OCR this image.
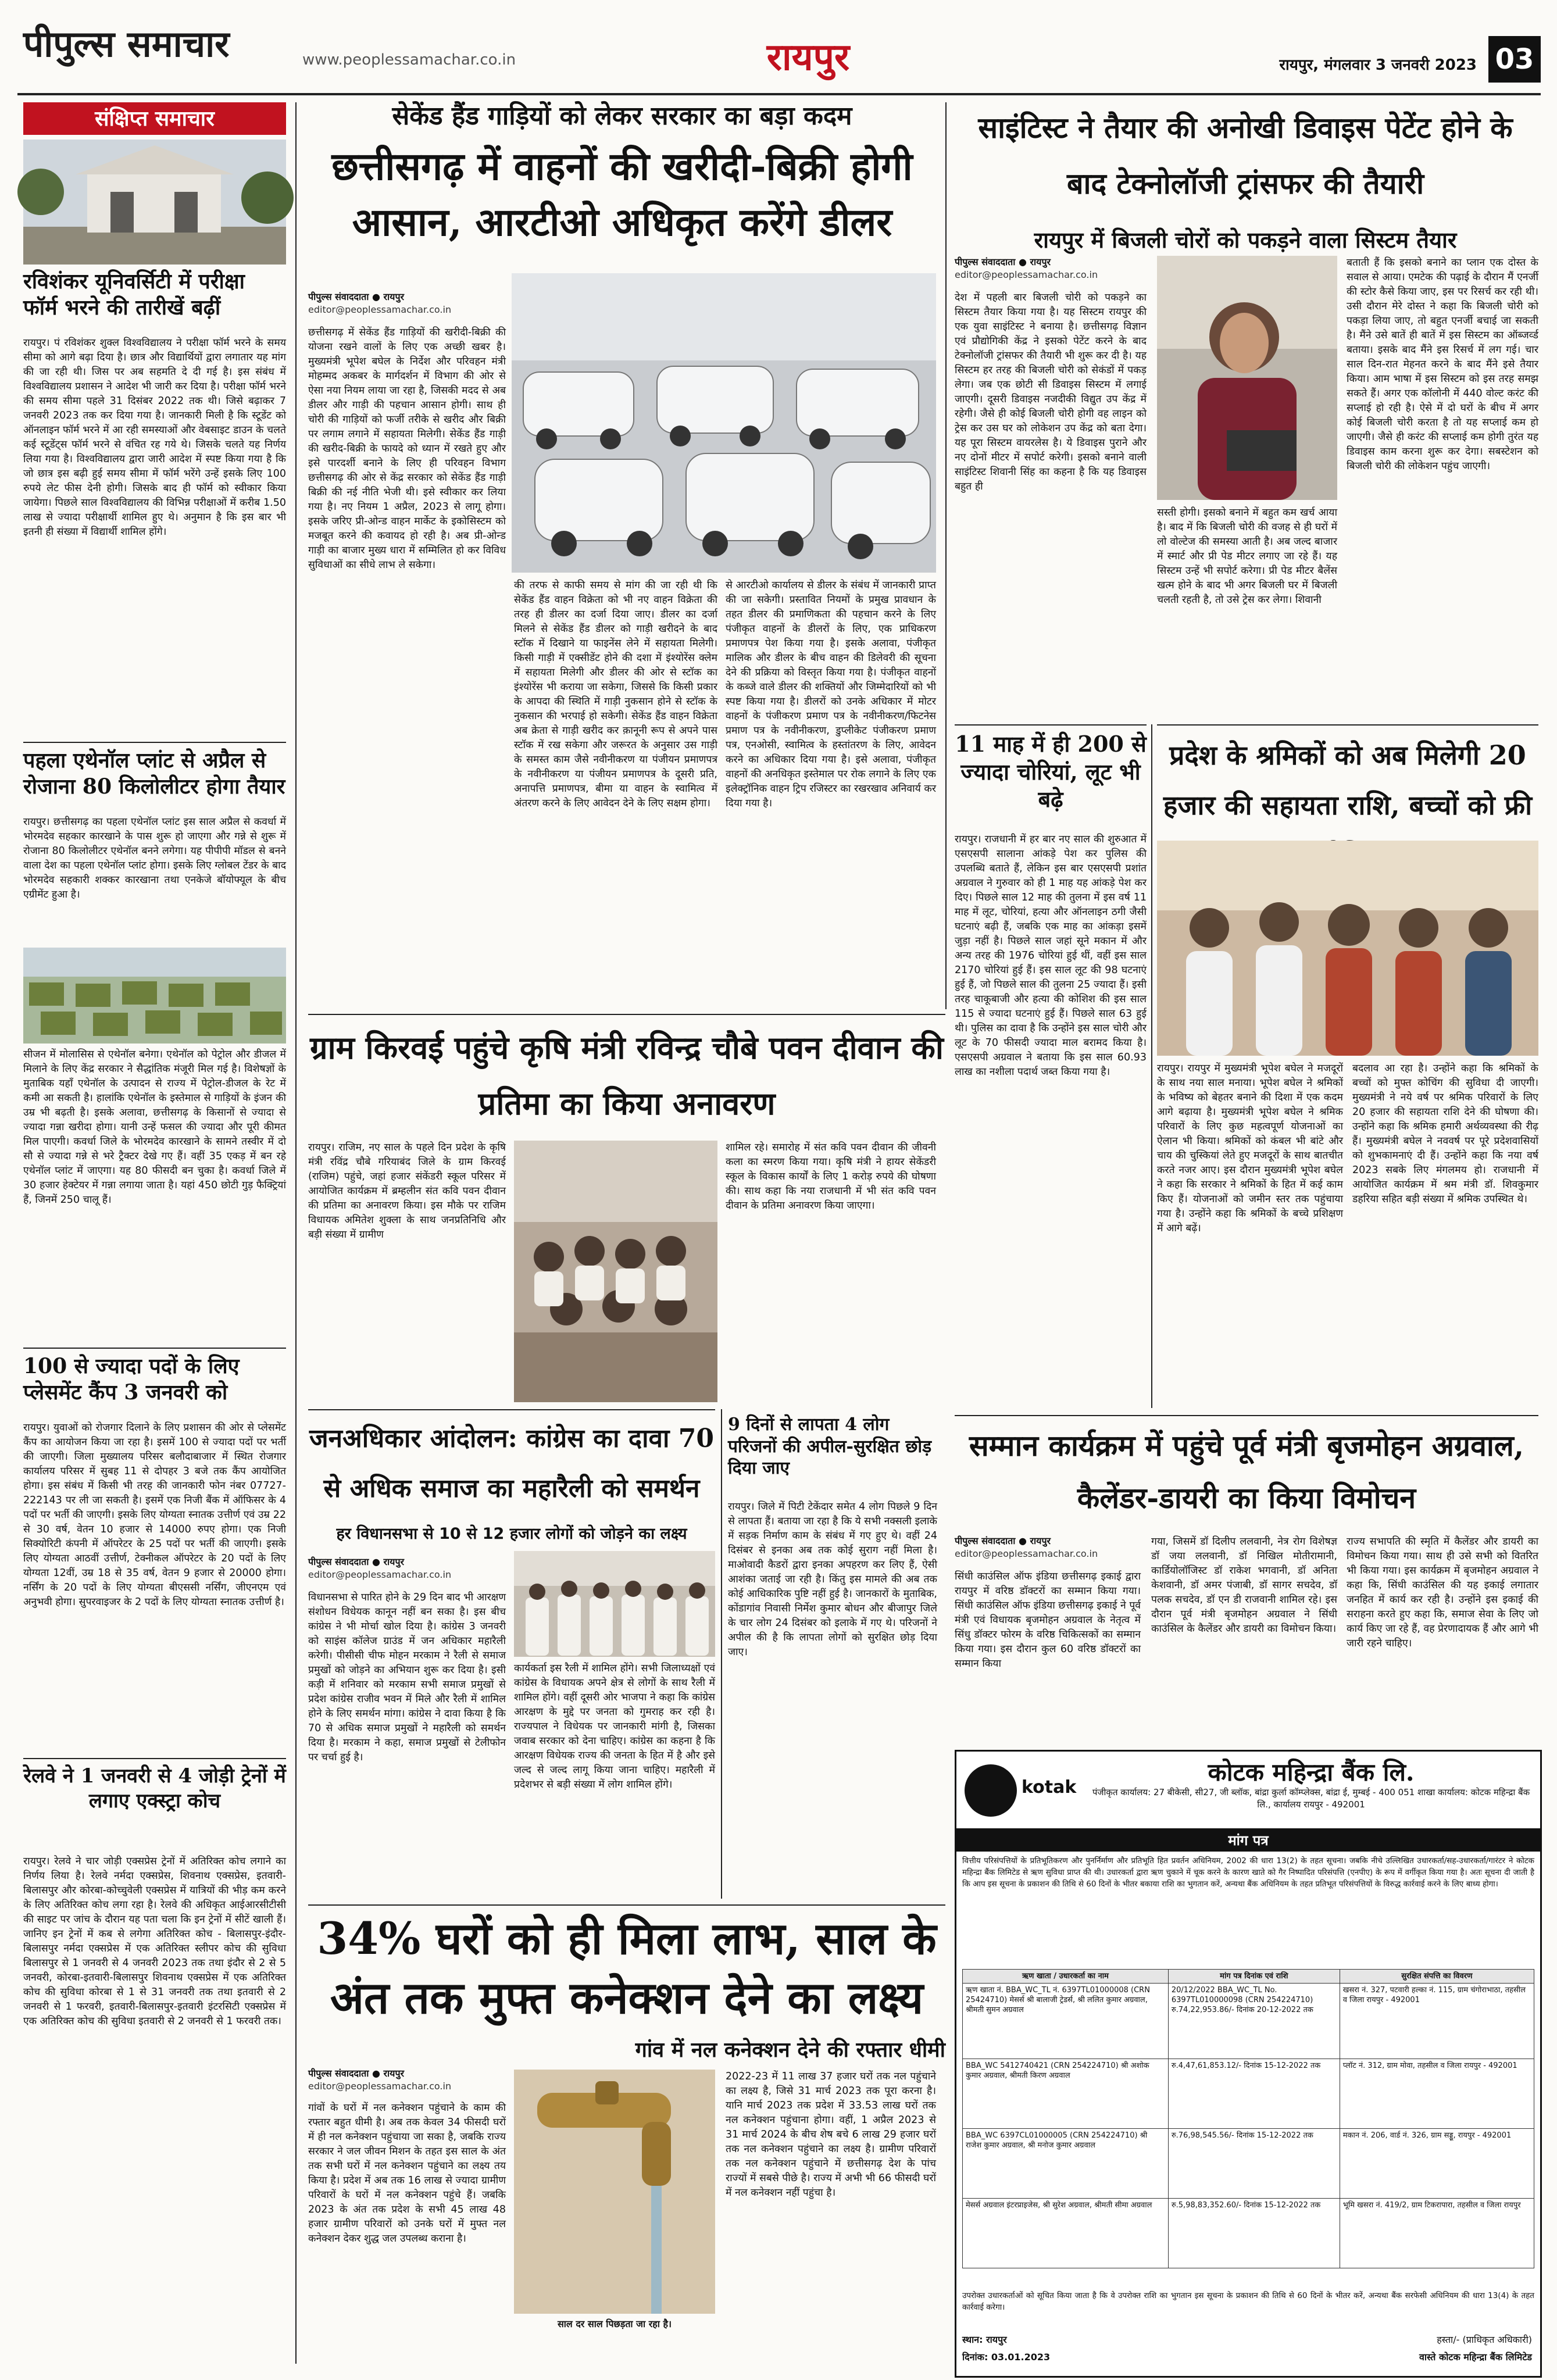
पीपुल्स समाचार	www.peoplessamachar.co.in	रायपुर	रायपुर, मंगलवार 3 जनवरी 2023 03
संक्षिप्त समाचार
रविशंकर यूनिवर्सिटी में परीक्षा फॉर्म भरने की तारीखें बढ़ीं
रायपुर। पं रविशंकर शुक्ल विश्वविद्यालय ने परीक्षा फॉर्म भरने के समय सीमा को आगे बढ़ा दिया है। छात्र और विद्यार्थियों द्वारा लगातार यह मांग की जा रही थी। जिस पर अब सहमति दे दी गई है। इस संबंध में विश्वविद्यालय प्रशासन ने आदेश भी जारी कर दिया है। परीक्षा फॉर्म भरने की समय सीमा पहले 31 दिसंबर 2022 तक थी। जिसे बढ़ाकर 7 जनवरी 2023 तक कर दिया गया है। जानकारी मिली है कि स्टूडेंट को ऑनलाइन फॉर्म भरने में आ रही समस्याओं और वेबसाइट डाउन के चलते कई स्टूडेंट्स फॉर्म भरने से वंचित रह गये थे। जिसके चलते यह निर्णय लिया गया है। विश्वविद्यालय द्वारा जारी आदेश में स्पष्ट किया गया है कि जो छात्र इस बढ़ी हुई समय सीमा में फॉर्म भरेंगे उन्हें इसके लिए 100 रुपये लेट फीस देनी होगी। जिसके बाद ही फॉर्म को स्वीकार किया जायेगा। पिछले साल विश्वविद्यालय की विभिन्न परीक्षाओं में करीब 1.50 लाख से ज्यादा परीक्षार्थी शामिल हुए थे। अनुमान है कि इस बार भी इतनी ही संख्या में विद्यार्थी शामिल होंगे।
पहला एथेनॉल प्लांट से अप्रैल से रोजाना 80 किलोलीटर होगा तैयार
रायपुर। छत्तीसगढ़ का पहला एथेनॉल प्लांट इस साल अप्रैल से कवर्धा में भोरमदेव सहकार कारखाने के पास शुरू हो जाएगा और गन्ने से शुरू में रोजाना 80 किलोलीटर एथेनॉल बनने लगेगा। यह पीपीपी मॉडल से बनने वाला देश का पहला एथेनॉल प्लांट होगा। इसके लिए ग्लोबल टेंडर के बाद भोरमदेव सहकारी शक्कर कारखाना तथा एनकेजे बॉयोफ्यूल के बीच एग्रीमेंट हुआ है।
सीजन में मोलासिस से एथेनॉल बनेगा। एथेनॉल को पेट्रोल और डीजल में मिलाने के लिए केंद्र सरकार ने सैद्धांतिक मंजूरी मिल गई है। विशेषज्ञों के मुताबिक यहाँ एथेनॉल के उत्पादन से राज्य में पेट्रोल-डीजल के रेट में कमी आ सकती है। हालांकि एथेनॉल के इस्तेमाल से गाड़ियों के इंजन की उम्र भी बढ़ती है। इसके अलावा, छत्तीसगढ़ के किसानों से ज्यादा से ज्यादा गन्ना खरीदा होगा। यानी उन्हें फसल की ज्यादा और पूरी कीमत मिल पाएगी। कवर्धा जिले के भोरमदेव कारखाने के सामने तस्वीर में दो सौ से ज्यादा गन्ने से भरे ट्रैक्टर देखे गए हैं। वहीं 35 एकड़ में बन रहे एथेनॉल प्लांट में जाएगा। यह 80 फीसदी बन चुका है। कवर्धा जिले में 30 हजार हेक्टेयर में गन्ना लगाया जाता है। यहां 450 छोटी गुड़ फैक्ट्रियां हैं, जिनमें 250 चालू हैं।
100 से ज्यादा पदों के लिए प्लेसमेंट कैंप 3 जनवरी को
रायपुर। युवाओं को रोजगार दिलाने के लिए प्रशासन की ओर से प्लेसमेंट कैंप का आयोजन किया जा रहा है। इसमें 100 से ज्यादा पदों पर भर्ती की जाएगी। जिला मुख्यालय परिसर बलौदाबाजार में स्थित रोजगार कार्यालय परिसर में सुबह 11 से दोपहर 3 बजे तक कैंप आयोजित होगा। इस संबंध में किसी भी तरह की जानकारी फोन नंबर 07727-222143 पर ली जा सकती है। इसमें एक निजी बैंक में ऑफिसर के 4 पदों पर भर्ती की जाएगी। इसके लिए योग्यता स्नातक उत्तीर्ण एवं उम्र 22 से 30 वर्ष, वेतन 10 हजार से 14000 रुपए होगा। एक निजी सिक्योरिटी कंपनी में ऑपरेटर के 25 पदों पर भर्ती की जाएगी। इसके लिए योग्यता आठवीं उत्तीर्ण, टेक्नीकल ऑपरेटर के 20 पदों के लिए योग्यता 12वीं, उम्र 18 से 35 वर्ष, वेतन 9 हजार से 20000 होगा। नर्सिंग के 20 पदों के लिए योग्यता बीएससी नर्सिंग, जीएनएम एवं अनुभवी होगा। सुपरवाइजर के 2 पदों के लिए योग्यता स्नातक उत्तीर्ण है।
रेलवे ने 1 जनवरी से 4 जोड़ी ट्रेनों में लगाए एक्स्ट्रा कोच
रायपुर। रेलवे ने चार जोड़ी एक्सप्रेस ट्रेनों में अतिरिक्त कोच लगाने का निर्णय लिया है। रेलवे नर्मदा एक्सप्रेस, शिवनाथ एक्सप्रेस, इतवारी-बिलासपुर और कोरबा-कोच्चुवेली एक्सप्रेस में यात्रियों की भीड़ कम करने के लिए अतिरिक्त कोच लगा रहा है। रेलवे की अधिकृत आईआरसीटीसी की साइट पर जांच के दौरान यह पता चला कि इन ट्रेनों में सीटें खाली हैं। जानिए इन ट्रेनों में कब से लगेगा अतिरिक्त कोच - बिलासपुर-इंदौर-बिलासपुर नर्मदा एक्सप्रेस में एक अतिरिक्त स्लीपर कोच की सुविधा बिलासपुर से 1 जनवरी से 4 जनवरी 2023 तक तथा इंदौर से 2 से 5 जनवरी, कोरबा-इतवारी-बिलासपुर शिवनाथ एक्सप्रेस में एक अतिरिक्त कोच की सुविधा कोरबा से 1 से 31 जनवरी तक तथा इतवारी से 2 जनवरी से 1 फरवरी, इतवारी-बिलासपुर-इतवारी इंटरसिटी एक्सप्रेस में एक अतिरिक्त कोच की सुविधा इतवारी से 2 जनवरी से 1 फरवरी तक।
सेकेंड हैंड गाड़ियों को लेकर सरकार का बड़ा कदम
छत्तीसगढ़ में वाहनों की खरीदी-बिक्री होगी आसान, आरटीओ अधिकृत करेंगे डीलर
पीपुल्स संवाददाता ● रायपुर
editor@peoplessamachar.co.in
छत्तीसगढ़ में सेकेंड हैंड गाड़ियों की खरीदी-बिक्री की योजना रखने वालों के लिए एक अच्छी खबर है। मुख्यमंत्री भूपेश बघेल के निर्देश और परिवहन मंत्री मोहम्मद अकबर के मार्गदर्शन में विभाग की ओर से ऐसा नया नियम लाया जा रहा है, जिसकी मदद से अब डीलर और गाड़ी की पहचान आसान होगी। साथ ही चोरी की गाड़ियों को फर्जी तरीके से खरीद और बिक्री पर लगाम लगाने में सहायता मिलेगी। सेकेंड हैंड गाड़ी की खरीद-बिक्री के फायदे को ध्यान में रखते हुए और इसे पारदर्शी बनाने के लिए ही परिवहन विभाग छत्तीसगढ़ की ओर से केंद्र सरकार को सेकेंड हैंड गाड़ी बिक्री की नई नीति भेजी थी। इसे स्वीकार कर लिया गया है। नए नियम 1 अप्रैल, 2023 से लागू होगा। इसके जरिए प्री-ओन्ड वाहन मार्केट के इकोसिस्टम को मजबूत करने की कवायद हो रही है। अब प्री-ओन्ड गाड़ी का बाजार मुख्य धारा में सम्मिलित हो कर विविध सुविधाओं का सीधे लाभ ले सकेगा।
की तरफ से काफी समय से मांग की जा रही थी कि सेकेंड हैंड वाहन विक्रेता को भी नए वाहन विक्रेता की तरह ही डीलर का दर्जा दिया जाए। डीलर का दर्जा मिलने से सेकेंड हैंड डीलर को गाड़ी खरीदने के बाद स्टॉक में दिखाने या फाइनेंस लेने में सहायता मिलेगी। किसी गाड़ी में एक्सीडेंट होने की दशा में इंश्योरेंस क्लेम में सहायता मिलेगी और डीलर की ओर से स्टॉक का इंश्योरेंस भी कराया जा सकेगा, जिससे कि किसी प्रकार के आपदा की स्थिति में गाड़ी नुकसान होने से स्टॉक के नुकसान की भरपाई हो सकेगी। सेकेंड हैंड वाहन विक्रेता अब क्रेता से गाड़ी खरीद कर क़ानूनी रूप से अपने पास स्टॉक में रख सकेगा और जरूरत के अनुसार उस गाड़ी के समस्त काम जैसे नवीनीकरण या पंजीयन प्रमाणपत्र के नवीनीकरण या पंजीयन प्रमाणपत्र के दूसरी प्रति, अनापत्ति प्रमाणपत्र, बीमा या वाहन के स्वामित्व में अंतरण करने के लिए आवेदन देने के लिए सक्षम होगा।
से आरटीओ कार्यालय से डीलर के संबंध में जानकारी प्राप्त की जा सकेगी। प्रस्तावित नियमों के प्रमुख प्रावधान के तहत डीलर की प्रमाणिकता की पहचान करने के लिए पंजीकृत वाहनों के डीलरों के लिए, एक प्राधिकरण प्रमाणपत्र पेश किया गया है। इसके अलावा, पंजीकृत मालिक और डीलर के बीच वाहन की डिलेवरी की सूचना देने की प्रक्रिया को विस्तृत किया गया है। पंजीकृत वाहनों के कब्जे वाले डीलर की शक्तियों और जिम्मेदारियों को भी स्पष्ट किया गया है। डीलरों को उनके अधिकार में मोटर वाहनों के पंजीकरण प्रमाण पत्र के नवीनीकरण/फिटनेस प्रमाण पत्र के नवीनीकरण, डुप्लीकेट पंजीकरण प्रमाण पत्र, एनओसी, स्वामित्व के हस्तांतरण के लिए, आवेदन करने का अधिकार दिया गया है। इसे अलावा, पंजीकृत वाहनों की अनधिकृत इस्तेमाल पर रोक लगाने के लिए एक इलेक्ट्रॉनिक वाहन ट्रिप रजिस्टर का रखरखाव अनिवार्य कर दिया गया है।
साइंटिस्ट ने तैयार की अनोखी डिवाइस पेटेंट होने के बाद टेक्नोलॉजी ट्रांसफर की तैयारी
रायपुर में बिजली चोरों को पकड़ने वाला सिस्टम तैयार
पीपुल्स संवाददाता ● रायपुर
editor@peoplessamachar.co.in
देश में पहली बार बिजली चोरी को पकड़ने का सिस्टम तैयार किया गया है। यह सिस्टम रायपुर की एक युवा साइंटिस्ट ने बनाया है। छत्तीसगढ़ विज्ञान एवं प्रौद्योगिकी केंद्र ने इसको पेटेंट करने के बाद टेक्नोलॉजी ट्रांसफर की तैयारी भी शुरू कर दी है। यह सिस्टम हर तरह की बिजली चोरी को सेकंडों में पकड़ लेगा। जब एक छोटी सी डिवाइस सिस्टम में लगाई जाएगी। दूसरी डिवाइस नजदीकी विद्युत उप केंद्र में रहेगी। जैसे ही कोई बिजली चोरी होगी वह लाइन को ट्रेस कर उस घर को लोकेशन उप केंद्र को बता देगा। यह पूरा सिस्टम वायरलेस है। ये डिवाइस पुराने और नए दोनों मीटर में सपोर्ट करेगी। इसको बनाने वाली साइंटिस्ट शिवानी सिंह का कहना है कि यह डिवाइस बहुत ही
सस्ती होगी। इसको बनाने में बहुत कम खर्च आया है। बाद में कि बिजली चोरी की वजह से ही घरों में लो वोल्टेज की समस्या आती है। अब जल्द बाजार में स्मार्ट और प्री पेड मीटर लगाए जा रहे हैं। यह सिस्टम उन्हें भी सपोर्ट करेगा। प्री पेड मीटर बैलेंस खत्म होने के बाद भी अगर बिजली घर में बिजली चलती रहती है, तो उसे ट्रेस कर लेगा। शिवानी
बताती हैं कि इसको बनाने का प्लान एक दोस्त के सवाल से आया। एमटेक की पढ़ाई के दौरान मैं एनर्जी की स्टोर कैसे किया जाए, इस पर रिसर्च कर रही थी। उसी दौरान मेरे दोस्त ने कहा कि बिजली चोरी को पकड़ा लिया जाए, तो बहुत एनर्जी बचाई जा सकती है। मैंने उसे बातें ही बातें में इस सिस्टम का ऑब्जर्व्ड बताया। इसके बाद मैंने इस रिसर्च में लग गई। चार साल दिन-रात मेहनत करने के बाद मैंने इसे तैयार किया। आम भाषा में इस सिस्टम को इस तरह समझ सकते हैं। अगर एक कॉलोनी में 440 वोल्ट करंट की सप्लाई हो रही है। ऐसे में दो घरों के बीच में अगर कोई बिजली चोरी करता है तो यह सप्लाई कम हो जाएगी। जैसे ही करंट की सप्लाई कम होगी तुरंत यह डिवाइस काम करना शुरू कर देगा। सबस्टेशन को बिजली चोरी की लोकेशन पहुंच जाएगी।
11 माह में ही 200 से ज्यादा चोरियां, लूट भी बढ़े
रायपुर। राजधानी में हर बार नए साल की शुरुआत में एसएसपी सालाना आंकड़े पेश कर पुलिस की उपलब्धि बताते हैं, लेकिन इस बार एसएसपी प्रशांत अग्रवाल ने गुरुवार को ही 1 माह यह आंकड़े पेश कर दिए। पिछले साल 12 माह की तुलना में इस वर्ष 11 माह में लूट, चोरियां, हत्या और ऑनलाइन ठगी जैसी घटनाएं बढ़ी हैं, जबकि एक माह का आंकड़ा इसमें जुड़ा नहीं है। पिछले साल जहां सूने मकान में और अन्य तरह की 1976 चोरियां हुई थीं, वहीं इस साल 2170 चोरियां हुई हैं। इस साल लूट की 98 घटनाएं हुई हैं, जो पिछले साल की तुलना 25 ज्यादा हैं। इसी तरह चाकूबाजी और हत्या की कोशिश की इस साल 115 से ज्यादा घटनाएं हुई हैं। पिछले साल 63 हुई थी। पुलिस का दावा है कि उन्होंने इस साल चोरी और लूट के 70 फीसदी ज्यादा माल बरामद किया है। एसएसपी अग्रवाल ने बताया कि इस साल 60.93 लाख का नशीला पदार्थ जब्त किया गया है।
प्रदेश के श्रमिकों को अब मिलेगी 20 हजार की सहायता राशि, बच्चों को फ्री
रायपुर। रायपुर में मुख्यमंत्री भूपेश बघेल ने मजदूरों के साथ नया साल मनाया। भूपेश बघेल ने श्रमिकों के भविष्य को बेहतर बनाने की दिशा में एक कदम आगे बढ़ाया है। मुख्यमंत्री भूपेश बघेल ने श्रमिक परिवारों के लिए कुछ महत्वपूर्ण योजनाओं का ऐलान भी किया। श्रमिकों को कंबल भी बांटे और चाय की चुस्कियां लेते हुए मजदूरों के साथ बातचीत करते नजर आए। इस दौरान मुख्यमंत्री भूपेश बघेल ने कहा कि सरकार ने श्रमिकों के हित में कई काम किए हैं। योजनाओं को जमीन स्तर तक पहुंचाया गया है। उन्होंने कहा कि श्रमिकों के बच्चे प्रशिक्षण में आगे बढ़ें।
बदलाव आ रहा है। उन्होंने कहा कि श्रमिकों के बच्चों को मुफ्त कोचिंग की सुविधा दी जाएगी। मुख्यमंत्री ने नये वर्ष पर श्रमिक परिवारों के लिए 20 हजार की सहायता राशि देने की घोषणा की। उन्होंने कहा कि श्रमिक हमारी अर्थव्यवस्था की रीढ़ हैं। मुख्यमंत्री बघेल ने नववर्ष पर पूरे प्रदेशवासियों को शुभकामनाएं दी हैं। उन्होंने कहा कि नया वर्ष 2023 सबके लिए मंगलमय हो। राजधानी में आयोजित कार्यक्रम में श्रम मंत्री डॉ. शिवकुमार डहरिया सहित बड़ी संख्या में श्रमिक उपस्थित थे।
ग्राम किरवई पहुंचे कृषि मंत्री रविन्द्र चौबे पवन दीवान की प्रतिमा का किया अनावरण
रायपुर। राजिम, नए साल के पहले दिन प्रदेश के कृषि मंत्री रविंद्र चौबे गरियाबंद जिले के ग्राम किरवई (राजिम) पहुंचे, जहां हजार संकेंडरी स्कूल परिसर में आयोजित कार्यक्रम में ब्रम्हलीन संत कवि पवन दीवान की प्रतिमा का अनावरण किया। इस मौके पर राजिम विधायक अमितेश शुक्ला के साथ जनप्रतिनिधि और बड़ी संख्या में ग्रामीण
शामिल रहे। समारोह में संत कवि पवन दीवान की जीवनी कला का स्मरण किया गया। कृषि मंत्री ने हायर सेकेंडरी स्कूल के विकास कार्यों के लिए 1 करोड़ रुपये की घोषणा की। साथ कहा कि नया राजधानी में भी संत कवि पवन दीवान के प्रतिमा अनावरण किया जाएगा।
जनअधिकार आंदोलन: कांग्रेस का दावा 70 से अधिक समाज का महारैली को समर्थन
हर विधानसभा से 10 से 12 हजार लोगों को जोड़ने का लक्ष्य
पीपुल्स संवाददाता ● रायपुर
editor@peoplessamachar.co.in
विधानसभा से पारित होने के 29 दिन बाद भी आरक्षण संशोधन विधेयक कानून नहीं बन सका है। इस बीच कांग्रेस ने भी मोर्चा खोल दिया है। कांग्रेस 3 जनवरी को साइंस कॉलेज ग्राउंड में जन अधिकार महारैली करेगी। पीसीसी चीफ मोहन मरकाम ने रैली से समाज प्रमुखों को जोड़ने का अभियान शुरू कर दिया है। इसी कड़ी में शनिवार को मरकाम सभी समाज प्रमुखों से प्रदेश कांग्रेस राजीव भवन में मिले और रैली में शामिल होने के लिए समर्थन मांगा। कांग्रेस ने दावा किया है कि 70 से अधिक समाज प्रमुखों ने महारैली को समर्थन दिया है। मरकाम ने कहा, समाज प्रमुखों से टेलीफोन पर चर्चा हुई है।
कार्यकर्ता इस रैली में शामिल होंगे। सभी जिलाध्यक्षों एवं कांग्रेस के विधायक अपने क्षेत्र से लोगों के साथ रैली में शामिल होंगे। वहीं दूसरी ओर भाजपा ने कहा कि कांग्रेस आरक्षण के मुद्दे पर जनता को गुमराह कर रही है। राज्यपाल ने विधेयक पर जानकारी मांगी है, जिसका जवाब सरकार को देना चाहिए। कांग्रेस का कहना है कि आरक्षण विधेयक राज्य की जनता के हित में है और इसे जल्द से जल्द लागू किया जाना चाहिए। महारैली में प्रदेशभर से बड़ी संख्या में लोग शामिल होंगे।
9 दिनों से लापता 4 लोग परिजनों की अपील-सुरक्षित छोड़ दिया जाए
रायपुर। जिले में पिटी टेकेंदार समेत 4 लोग पिछले 9 दिन से लापता हैं। बताया जा रहा है कि ये सभी नक्सली इलाके में सड़क निर्माण काम के संबंध में गए हुए थे। वहीं 24 दिसंबर से इनका अब तक कोई सुराग नहीं मिला है। माओवादी कैडरों द्वारा इनका अपहरण कर लिए हैं, ऐसी आशंका जताई जा रही है। किंतु इस मामले की अब तक कोई आधिकारिक पुष्टि नहीं हुई है। जानकारों के मुताबिक, कोंडागांव निवासी निर्मेश कुमार बोधन और बीजापुर जिले के चार लोग 24 दिसंबर को इलाके में गए थे। परिजनों ने अपील की है कि लापता लोगों को सुरक्षित छोड़ दिया जाए।
सम्मान कार्यक्रम में पहुंचे पूर्व मंत्री बृजमोहन अग्रवाल, कैलेंडर-डायरी का किया विमोचन
पीपुल्स संवाददाता ● रायपुर
editor@peoplessamachar.co.in
सिंधी काउंसिल ऑफ इंडिया छत्तीसगढ़ इकाई द्वारा रायपुर में वरिष्ठ डॉक्टरों का सम्मान किया गया। सिंधी काउंसिल ऑफ इंडिया छत्तीसगढ़ इकाई ने पूर्व मंत्री एवं विधायक बृजमोहन अग्रवाल के नेतृत्व में सिंधु डॉक्टर फोरम के वरिष्ठ चिकित्सकों का सम्मान किया गया। इस दौरान कुल 60 वरिष्ठ डॉक्टरों का सम्मान किया
गया, जिसमें डॉ दिलीप ललवानी, नेत्र रोग विशेषज्ञ डॉ जया ललवानी, डॉ निखिल मोतीरामानी, कार्डियोलॉजिस्ट डॉ राकेश भगवानी, डॉ अनिता केशवानी, डॉ अमर पंजाबी, डॉ सागर सचदेव, डॉ पलक सचदेव, डॉ एन डी राजवानी शामिल रहे। इस दौरान पूर्व मंत्री बृजमोहन अग्रवाल ने सिंधी काउंसिल के कैलेंडर और डायरी का विमोचन किया।
राज्य सभापति की स्मृति में कैलेंडर और डायरी का विमोचन किया गया। साथ ही उसे सभी को वितरित भी किया गया। इस कार्यक्रम में बृजमोहन अग्रवाल ने कहा कि, सिंधी काउंसिल की यह इकाई लगातार जनहित में कार्य कर रही है। उन्होंने इस इकाई की सराहना करते हुए कहा कि, समाज सेवा के लिए जो कार्य किए जा रहे हैं, वह प्रेरणादायक हैं और आगे भी जारी रहने चाहिए।
kotak
कोटक महिन्द्रा बैंक लि.
पंजीकृत कार्यालय: 27 बीकेसी, सी27, जी ब्लॉक, बांद्रा कुर्ला कॉम्प्लेक्स, बांद्रा ई, मुम्बई - 400 051 शाखा कार्यालय: कोटक महिन्द्रा बैंक लि., कार्यालय रायपुर - 492001
मांग पत्र
वित्तीय परिसंपत्तियों के प्रतिभूतिकरण और पुनर्निर्माण और प्रतिभूति हित प्रवर्तन अधिनियम, 2002 की धारा 13(2) के तहत सूचना। जबकि नीचे उल्लिखित उधारकर्ता/सह-उधारकर्ता/गारंटर ने कोटक महिन्द्रा बैंक लिमिटेड से ऋण सुविधा प्राप्त की थी। उधारकर्ता द्वारा ऋण चुकाने में चूक करने के कारण खाते को गैर निष्पादित परिसंपत्ति (एनपीए) के रूप में वर्गीकृत किया गया है। अतः सूचना दी जाती है कि आप इस सूचना के प्रकाशन की तिथि से 60 दिनों के भीतर बकाया राशि का भुगतान करें, अन्यथा बैंक अधिनियम के तहत प्रतिभूत परिसंपत्तियों के विरुद्ध कार्रवाई करने के लिए बाध्य होगा।
ऋण खाता / उधारकर्ता का नाम	मांग पत्र दिनांक एवं राशि	सुरक्षित संपत्ति का विवरण
ऋण खाता नं. BBA_WC_TL नं. 6397TL01000008 (CRN 25424710) मेसर्स श्री बालाजी ट्रेडर्स, श्री ललित कुमार अग्रवाल, श्रीमती सुमन अग्रवाल	20/12/2022 BBA_WC_TL No. 6397TL010000098 (CRN 254224710) रु.74,22,953.86/- दिनांक 20-12-2022 तक	खसरा नं. 327, पटवारी हल्का नं. 115, ग्राम चंगोराभाठा, तहसील व जिला रायपुर - 492001
BBA_WC 5412740421 (CRN 254224710) श्री अशोक कुमार अग्रवाल, श्रीमती किरण अग्रवाल	रु.4,47,61,853.12/- दिनांक 15-12-2022 तक	प्लॉट नं. 312, ग्राम मोवा, तहसील व जिला रायपुर - 492001
BBA_WC 6397CL01000005 (CRN 254224710) श्री राजेश कुमार अग्रवाल, श्री मनोज कुमार अग्रवाल	रु.76,98,545.56/- दिनांक 15-12-2022 तक	मकान नं. 206, वार्ड नं. 326, ग्राम सड्डू, रायपुर - 492001
मेसर्स अग्रवाल इंटरप्राइजेस, श्री सुरेश अग्रवाल, श्रीमती सीमा अग्रवाल	रु.5,98,83,352.60/- दिनांक 15-12-2022 तक	भूमि खसरा नं. 419/2, ग्राम टिकरापारा, तहसील व जिला रायपुर
उपरोक्त उधारकर्ताओं को सूचित किया जाता है कि वे उपरोक्त राशि का भुगतान इस सूचना के प्रकाशन की तिथि से 60 दिनों के भीतर करें, अन्यथा बैंक सरफेसी अधिनियम की धारा 13(4) के तहत कार्रवाई करेगा।
स्थान: रायपुर
दिनांक: 03.01.2023
हस्ता/- (प्राधिकृत अधिकारी)
वास्ते कोटक महिन्द्रा बैंक लिमिटेड
34% घरों को ही मिला लाभ, साल के अंत तक मुफ्त कनेक्शन देने का लक्ष्य
गांव में नल कनेक्शन देने की रफ्तार धीमी
पीपुल्स संवाददाता ● रायपुर
editor@peoplessamachar.co.in
गांवों के घरों में नल कनेक्शन पहुंचाने के काम की रफ्तार बहुत धीमी है। अब तक केवल 34 फीसदी घरों में ही नल कनेक्शन पहुंचाया जा सका है, जबकि राज्य सरकार ने जल जीवन मिशन के तहत इस साल के अंत तक सभी घरों में नल कनेक्शन पहुंचाने का लक्ष्य तय किया है। प्रदेश में अब तक 16 लाख से ज्यादा ग्रामीण परिवारों के घरों में नल कनेक्शन पहुंचे हैं। जबकि 2023 के अंत तक प्रदेश के सभी 45 लाख 48 हजार ग्रामीण परिवारों को उनके घरों में मुफ्त नल कनेक्शन देकर शुद्ध जल उपलब्ध कराना है।
साल दर साल पिछड़ता जा रहा है।
2022-23 में 11 लाख 37 हजार घरों तक नल पहुंचाने का लक्ष्य है, जिसे 31 मार्च 2023 तक पूरा करना है। यानि मार्च 2023 तक प्रदेश में 33.53 लाख घरों तक नल कनेक्शन पहुंचाना होगा। वहीं, 1 अप्रैल 2023 से 31 मार्च 2024 के बीच शेष बचे 6 लाख 29 हजार घरों तक नल कनेक्शन पहुंचाने का लक्ष्य है। ग्रामीण परिवारों तक नल कनेक्शन पहुंचाने में छत्तीसगढ़ देश के पांच राज्यों में सबसे पीछे है। राज्य में अभी भी 66 फीसदी घरों में नल कनेक्शन नहीं पहुंचा है।
